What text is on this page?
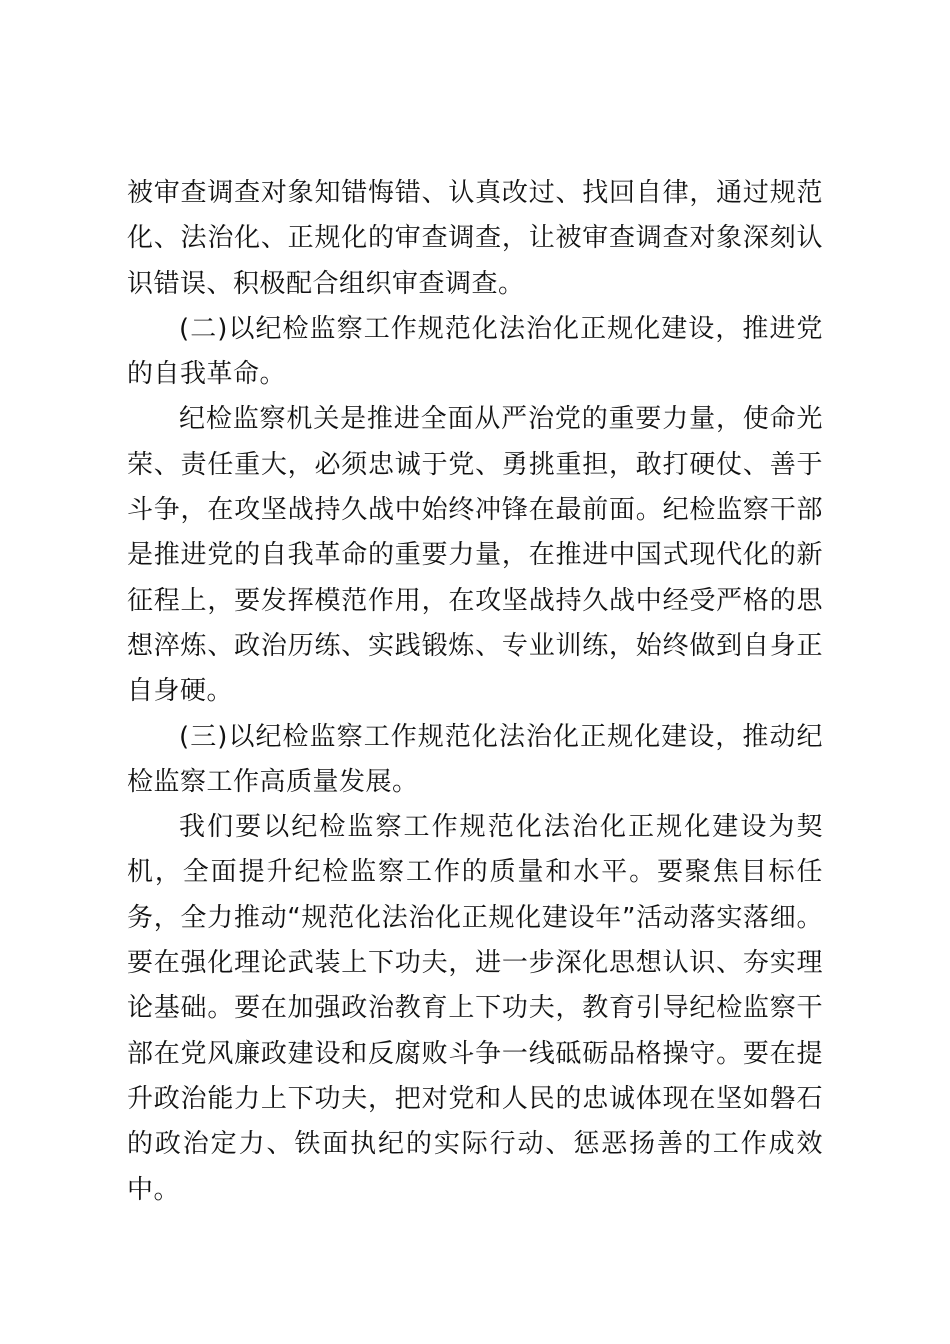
被审查调查对象知错悔错、认真改过、找回自律，通过规范化、法治化、正规化的审查调查，让被审查调查对象深刻认识错误、积极配合组织审查调查。

(二)以纪检监察工作规范化法治化正规化建设，推进党的自我革命。

纪检监察机关是推进全面从严治党的重要力量，使命光荣、责任重大，必须忠诚于党、勇挑重担，敢打硬仗、善于斗争，在攻坚战持久战中始终冲锋在最前面。纪检监察干部是推进党的自我革命的重要力量，在推进中国式现代化的新征程上，要发挥模范作用，在攻坚战持久战中经受严格的思想淬炼、政治历练、实践锻炼、专业训练，始终做到自身正自身硬。

(三)以纪检监察工作规范化法治化正规化建设，推动纪检监察工作高质量发展。

我们要以纪检监察工作规范化法治化正规化建设为契机，全面提升纪检监察工作的质量和水平。要聚焦目标任务，全力推动“规范化法治化正规化建设年”活动落实落细。要在强化理论武装上下功夫，进一步深化思想认识、夯实理论基础。要在加强政治教育上下功夫，教育引导纪检监察干部在党风廉政建设和反腐败斗争一线砥砺品格操守。要在提升政治能力上下功夫，把对党和人民的忠诚体现在坚如磐石的政治定力、铁面执纪的实际行动、惩恶扬善的工作成效中。
